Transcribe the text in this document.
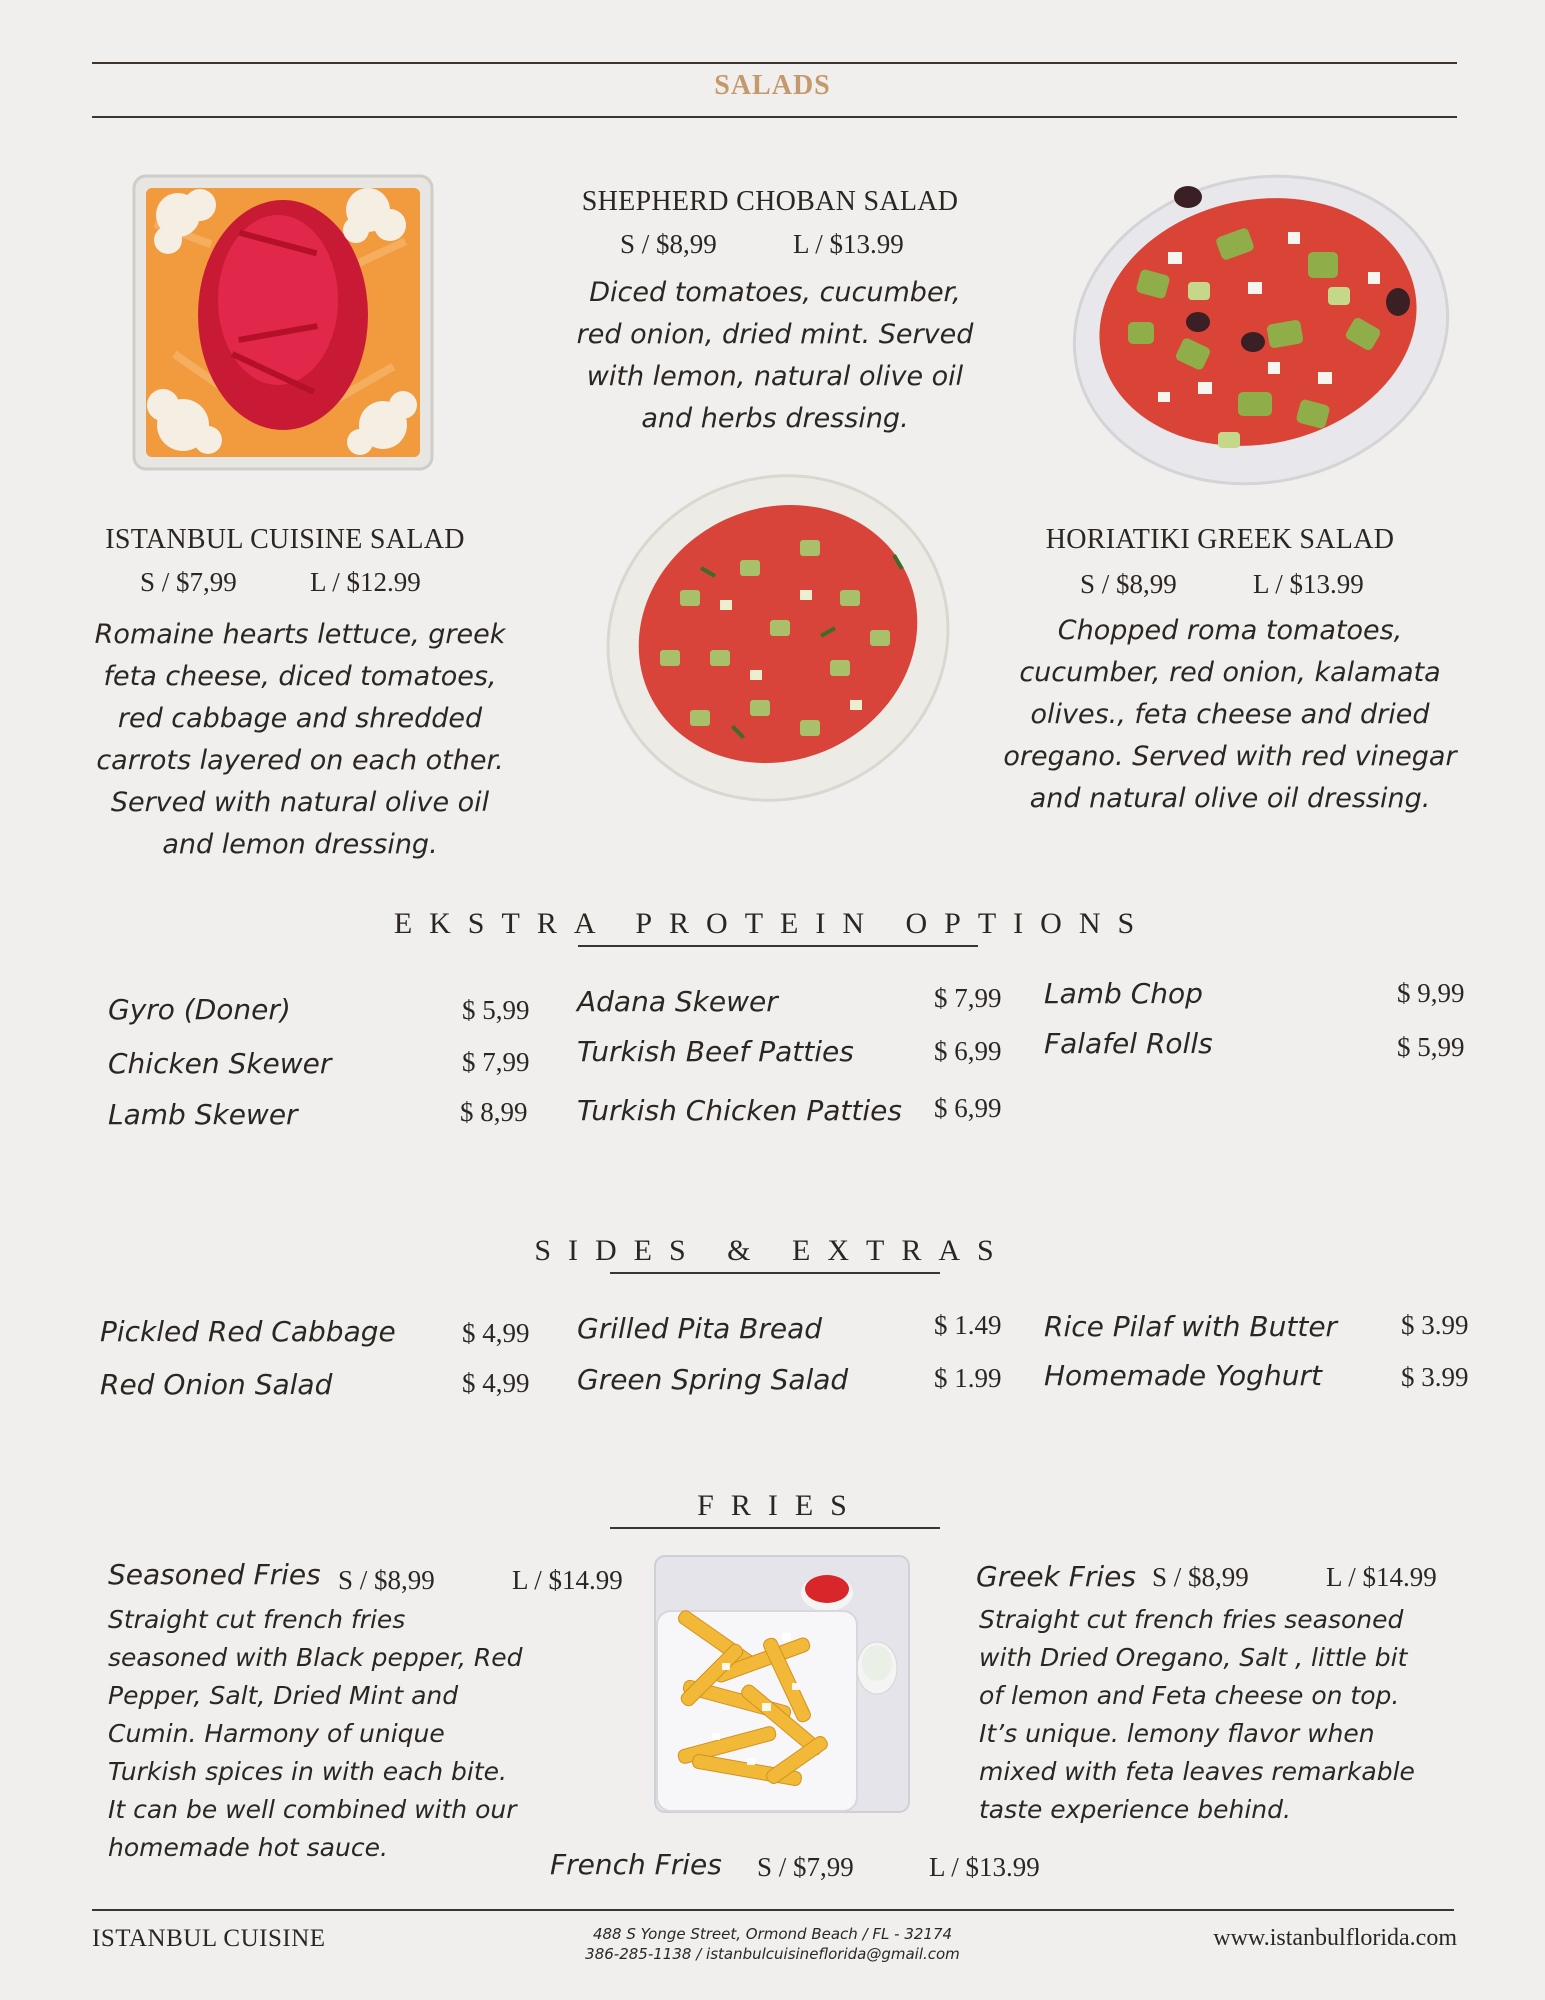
SALADS
SHEPHERD CHOBAN SALAD
S / $8,99	L / $13.99
Diced tomatoes, cucumber,
red onion, dried mint. Served
with lemon, natural olive oil
and herbs dressing.
ISTANBUL CUISINE SALAD
S / $7,99	L / $12.99
Romaine hearts lettuce, greek
feta cheese, diced tomatoes,
red cabbage and shredded
carrots layered on each other.
Served with natural olive oil
and lemon dressing.
HORIATIKI GREEK SALAD
S / $8,99	L / $13.99
Chopped roma tomatoes,
cucumber, red onion, kalamata
olives., feta cheese and dried
oregano. Served with red vinegar
and natural olive oil dressing.
EKSTRA PROTEIN OPTIONS
Gyro (Doner)	$ 5,99
Chicken Skewer	$ 7,99
Lamb Skewer	$ 8,99
Adana Skewer	$ 7,99
Turkish Beef Patties	$ 6,99
Turkish Chicken Patties $ 6,99
Lamb Chop	$ 9,99
Falafel Rolls	$ 5,99
SIDES & EXTRAS
Pickled Red Cabbage $ 4,99
Red Onion Salad	$ 4,99
Grilled Pita Bread	$ 1.49
Green Spring Salad	$ 1.99
Rice Pilaf with Butter $ 3.99
Homemade Yoghurt	$ 3.99
FRIES
Seasoned Fries S / $8,99	L / $14.99
Straight cut french fries
seasoned with Black pepper, Red
Pepper, Salt, Dried Mint and
Cumin. Harmony of unique
Turkish spices in with each bite.
It can be well combined with our
homemade hot sauce.
Greek Fries S / $8,99	L / $14.99
Straight cut french fries seasoned
with Dried Oregano, Salt , little bit
of lemon and Feta cheese on top.
It’s unique. lemony flavor when
mixed with feta leaves remarkable
taste experience behind.
French Fries S / $7,99	L / $13.99
ISTANBUL CUISINE	488 S Yonge Street, Ormond Beach / FL - 32174
386-285-1138 / istanbulcuisineflorida@gmail.com
www.istanbulflorida.com
